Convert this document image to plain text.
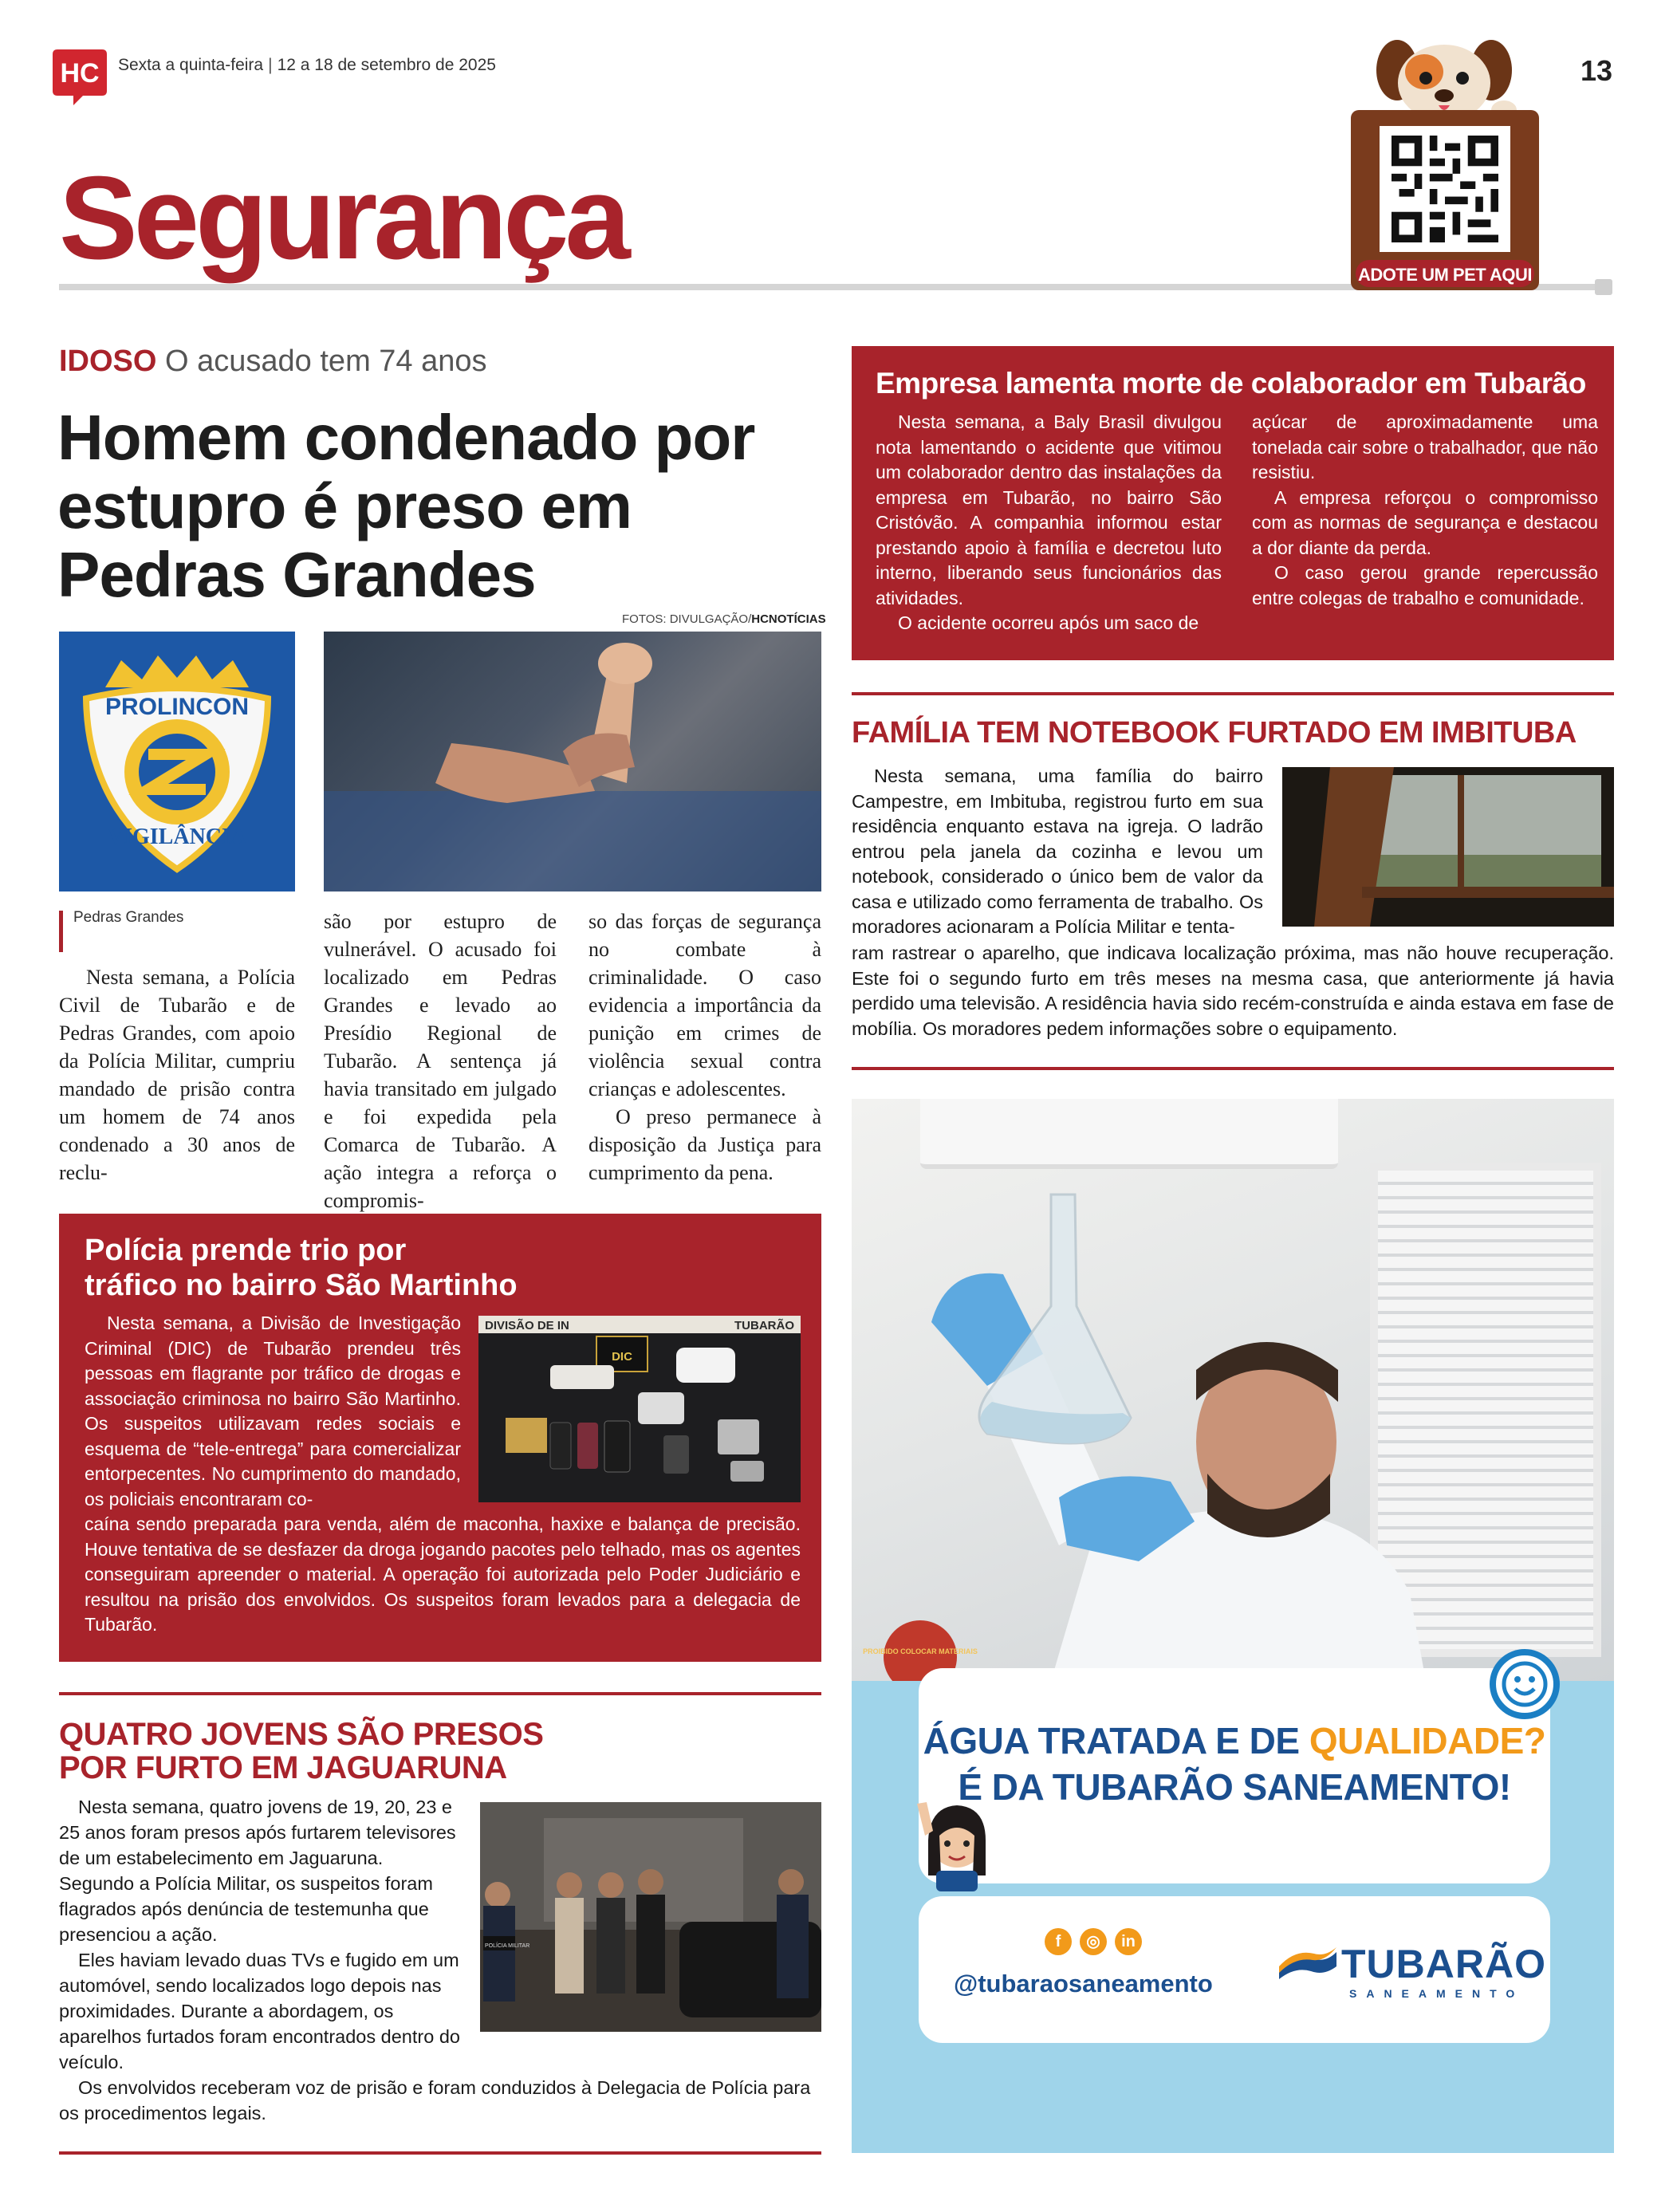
HC Sexta a quinta-feira | 12 a 18 de setembro de 2025	13
Segurança	ADOTE UM PET AQUI
IDOSO O acusado tem 74 anos
Homem condenado por estupro é preso em Pedras Grandes
FOTOS: DIVULGAÇÃO/HCNOTÍCIAS
PROLINCON
VIGILÂNCIA
Pedras Grandes

Nesta semana, a Polícia Civil de Tubarão e de Pedras Grandes, com apoio da Polícia Militar, cumpriu mandado de prisão contra um homem de 74 anos condenado a 30 anos de reclu-

são por estupro de vulnerável. O acusado foi localizado em Pedras Grandes e levado ao Presídio Regional de Tubarão. A sentença já havia transitado em julgado e foi expedida pela Comarca de Tubarão. A ação integra a reforça o compromis-
so das forças de segurança no combate à criminalidade. O caso evidencia a importância da punição em crimes de violência sexual contra crianças e adolescentes.

O preso permanece à disposição da Justiça para cumprimento da pena.

Polícia prende trio por
tráfico no bairro São Martinho
DIVISÃO DE IN	TUBARÃO
DIC

Nesta semana, a Divisão de Investigação Criminal (DIC) de Tubarão prendeu três pessoas em flagrante por tráfico de drogas e associação criminosa no bairro São Martinho. Os suspeitos utilizavam redes sociais e esquema de “tele-entrega” para comercializar entorpecentes. No cumprimento do mandado, os policiais encontraram co-

caína sendo preparada para venda, além de maconha, haxixe e balança de precisão. Houve tentativa de se desfazer da droga jogando pacotes pelo telhado, mas os agentes conseguiram apreender o material. A operação foi autorizada pelo Poder Judiciário e resultou na prisão dos envolvidos. Os suspeitos foram levados para a delegacia de Tubarão.
QUATRO JOVENS SÃO PRESOS
POR FURTO EM JAGUARUNA

Nesta semana, quatro jovens de 19, 20, 23 e 25 anos foram presos após furtarem televisores de um estabelecimento em Jaguaruna. Segundo a Polícia Militar, os suspeitos foram flagrados após denúncia de testemunha que presenciou a ação.

Eles haviam levado duas TVs e fugido em um automóvel, sendo localizados logo depois nas proximidades. Durante a abordagem, os aparelhos furtados foram encontrados dentro do veículo.

POLÍCIA MILITAR

Os envolvidos receberam voz de prisão e foram conduzidos à Delegacia de Polícia para os procedimentos legais.

Empresa lamenta morte de colaborador em Tubarão

Nesta semana, a Baly Brasil divulgou nota lamentando o acidente que vitimou um colaborador dentro das instalações da empresa em Tubarão, no bairro São Cristóvão. A companhia informou estar prestando apoio à família e decretou luto interno, liberando seus funcionários das atividades.

O acidente ocorreu após um saco de

açúcar de aproximadamente uma tonelada cair sobre o trabalhador, que não resistiu.

A empresa reforçou o compromisso com as normas de segurança e destacou a dor diante da perda.

O caso gerou grande repercussão entre colegas de trabalho e comunidade.

FAMÍLIA TEM NOTEBOOK FURTADO EM IMBITUBA

Nesta semana, uma família do bairro Campestre, em Imbituba, registrou furto em sua residência enquanto estava na igreja. O ladrão entrou pela janela da cozinha e levou um notebook, considerado o único bem de valor da casa e utilizado como ferramenta de trabalho. Os moradores acionaram a Polícia Militar e tenta-

ram rastrear o aparelho, que indicava localização próxima, mas não houve recuperação. Este foi o segundo furto em três meses na mesma casa, que anteriormente já havia perdido uma televisão. A residência havia sido recém-construída e ainda estava em fase de mobília. Os moradores pedem informações sobre o equipamento.
PROIBIDO COLOCAR MATERIAIS
ÁGUA TRATADA E DE QUALIDADE?
É DA TUBARÃO SANEAMENTO!
f	◎	in
@tubaraosaneamento	TUBARÃO
SANEAMENTO
